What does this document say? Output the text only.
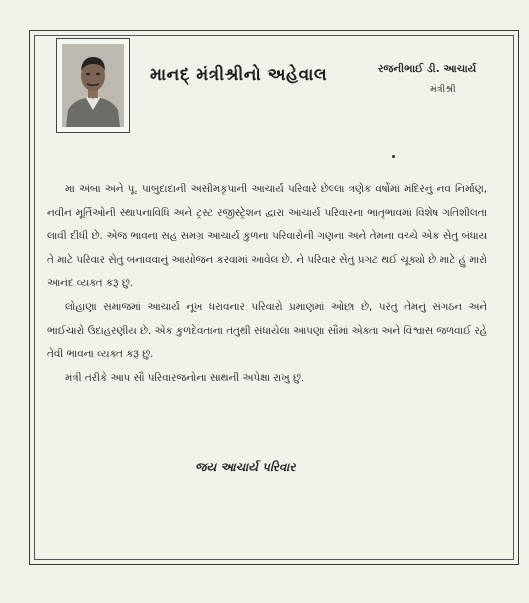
માનદ્ મંત્રીશ્રીનો અહેવાલ	રજનીભાઈ ડી. આચાર્ય
મંત્રીશ્રી

મા અંબા અને પૂ. પાબુદાદાની અસીમકૃપાની આચાર્ય પરિવારે છેલ્લા ત્રણેક વર્ષોમાં મંદિરનું નવ નિર્માણ, નવીન મૂર્તિઓની સ્થાપનાવિધિ અને ટ્રસ્ટ રજીસ્ટ્રેશન દ્વારા આચાર્ય પરિવારના ભાતૃભાવમાં વિશેષ ગતિશીલતા લાવી દીધી છે. એજ ભાવના સહ સમગ્ર આચાર્ય કુળના પરિવારોની ગણના અને તેમના વચ્ચે એક સેતુ બંધાય તે માટે પરિવાર સેતુ બનાવવાનું આયોજન કરવામાં આવેલ છે. ને પરિવાર સેતુ પ્રગટ થઈ ચૂક્યો છે માટે હું મારો આનંદ વ્યક્ત કરૂ છું.

લોહાણા સમાજમાં આચાર્ય નૂખ ધરાવનાર પરિવારો પ્રમાણમાં ઓછા છે, પરંતુ તેમનું સંગઠન અને ભાઈચારો ઉદાહરણીય છે. એક કુળદેવતાના તંતુથી સંધાયેલા આપણા સૌમાં એક્તા અને વિશ્વાસ જળવાઈ રહે તેવી ભાવના વ્યક્ત કરૂ છું.

મંત્રી તરીકે આપ સૌ પરિવારજનોના સાથની અપેક્ષા રાખુ છું.

જય આચાર્ય પરિવાર
